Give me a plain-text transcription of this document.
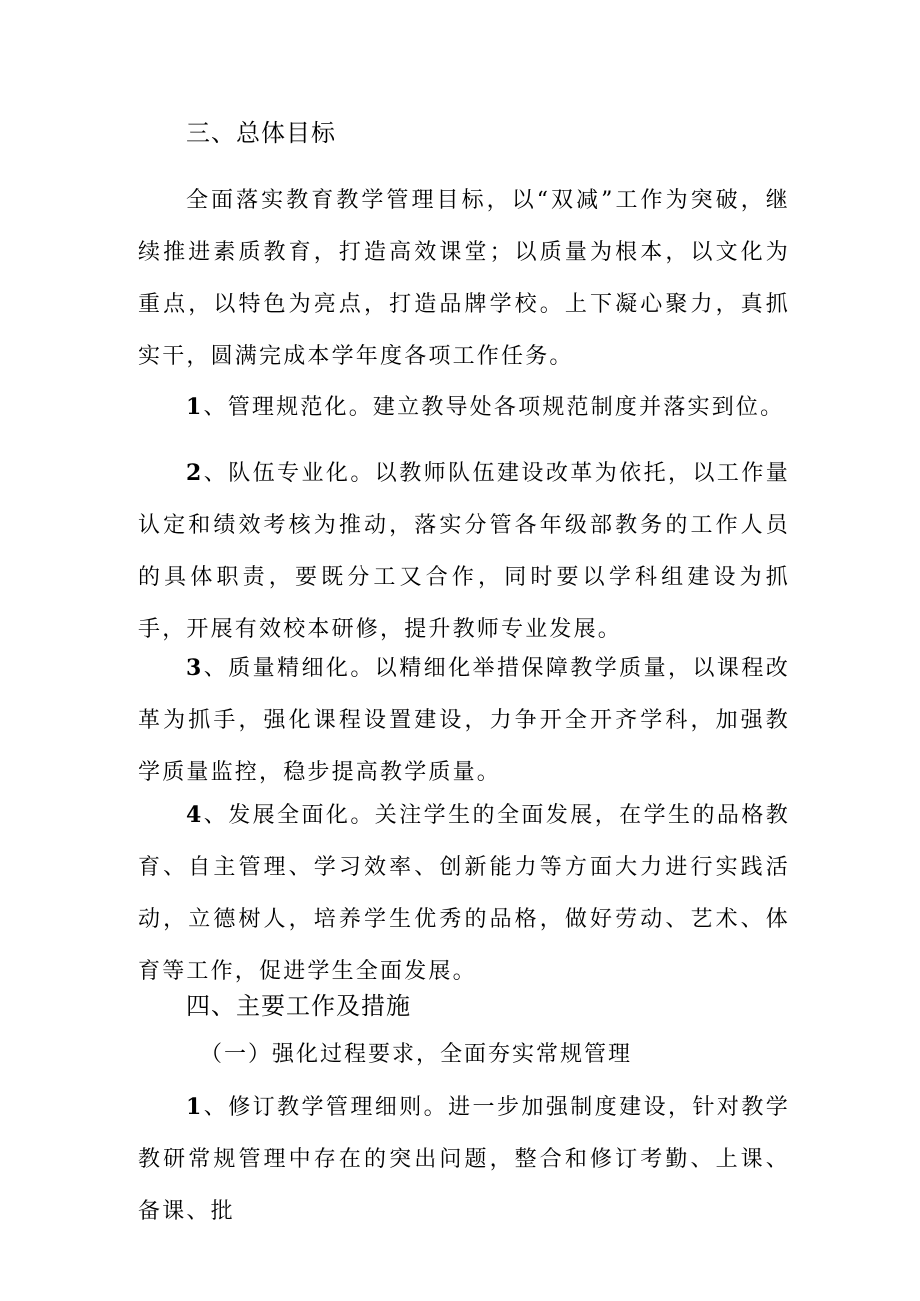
三、总体目标
全面落实教育教学管理目标，以“双减”工作为突破，继续推进素质教育，打造高效课堂；以质量为根本，以文化为重点，以特色为亮点，打造品牌学校。上下凝心聚力，真抓实干，圆满完成本学年度各项工作任务。
1、管理规范化。建立教导处各项规范制度并落实到位。
2、队伍专业化。以教师队伍建设改革为依托，以工作量认定和绩效考核为推动，落实分管各年级部教务的工作人员的具体职责，要既分工又合作，同时要以学科组建设为抓手，开展有效校本研修，提升教师专业发展。
3、质量精细化。以精细化举措保障教学质量，以课程改革为抓手，强化课程设置建设，力争开全开齐学科，加强教学质量监控，稳步提高教学质量。
4、发展全面化。关注学生的全面发展，在学生的品格教育、自主管理、学习效率、创新能力等方面大力进行实践活动，立德树人，培养学生优秀的品格，做好劳动、艺术、体育等工作，促进学生全面发展。
四、主要工作及措施
（一）强化过程要求，全面夯实常规管理
1、修订教学管理细则。进一步加强制度建设，针对教学教研常规管理中存在的突出问题，整合和修订考勤、上课、备课、批
